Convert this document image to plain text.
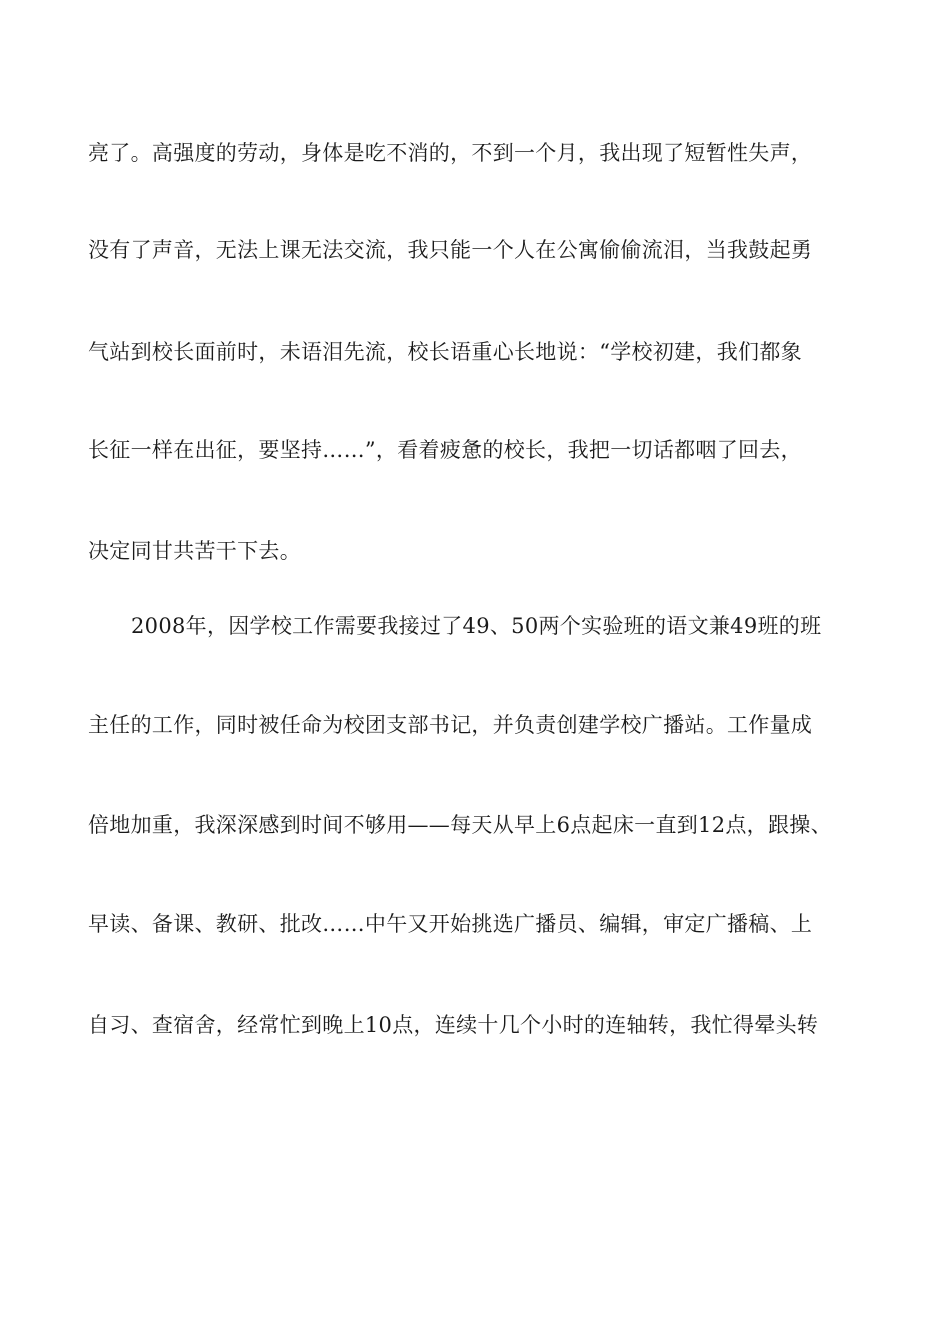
亮了。高强度的劳动，身体是吃不消的，不到一个月，我出现了短暂性失声，
没有了声音，无法上课无法交流，我只能一个人在公寓偷偷流泪，当我鼓起勇
气站到校长面前时，未语泪先流，校长语重心长地说：“学校初建，我们都象
长征一样在出征，要坚持……”，看着疲惫的校长，我把一切话都咽了回去，
决定同甘共苦干下去。
2008年，因学校工作需要我接过了49、50两个实验班的语文兼49班的班
主任的工作，同时被任命为校团支部书记，并负责创建学校广播站。工作量成
倍地加重，我深深感到时间不够用——每天从早上6点起床一直到12点，跟操、
早读、备课、教研、批改……中午又开始挑选广播员、编辑，审定广播稿、上
自习、查宿舍，经常忙到晚上10点，连续十几个小时的连轴转，我忙得晕头转
